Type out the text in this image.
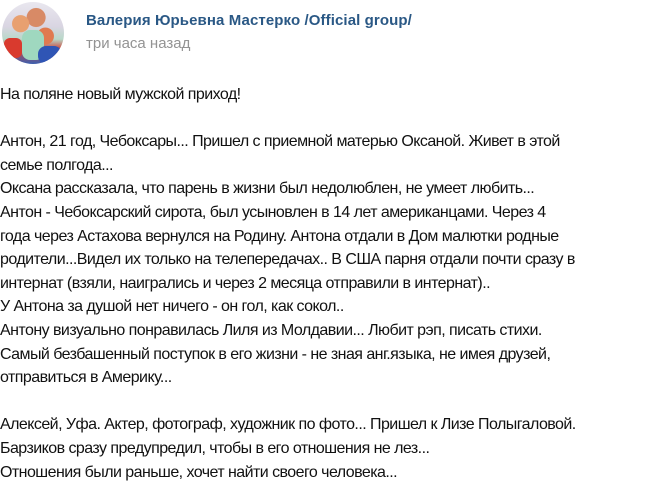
Валерия Юрьевна Мастерко /Official group/
три часа назад
На поляне новый мужской приход!
Антон, 21 год, Чебоксары... Пришел с приемной матерью Оксаной. Живет в этой
семье полгода...
Оксана рассказала, что парень в жизни был недолюблен, не умеет любить...
Антон - Чебоксарский сирота, был усыновлен в 14 лет американцами. Через 4
года через Астахова вернулся на Родину. Антона отдали в Дом малютки родные
родители...Видел их только на телепередачах.. В США парня отдали почти сразу в
интернат (взяли, наигрались и через 2 месяца отправили в интернат)..
У Антона за душой нет ничего - он гол, как сокол..
Антону визуально понравилась Лиля из Молдавии... Любит рэп, писать стихи.
Самый безбашенный поступок в его жизни - не зная анг.языка, не имея друзей,
отправиться в Америку...
Алексей, Уфа. Актер, фотограф, художник по фото... Пришел к Лизе Полыгаловой.
Барзиков сразу предупредил, чтобы в его отношения не лез...
Отношения были раньше, хочет найти своего человека...
